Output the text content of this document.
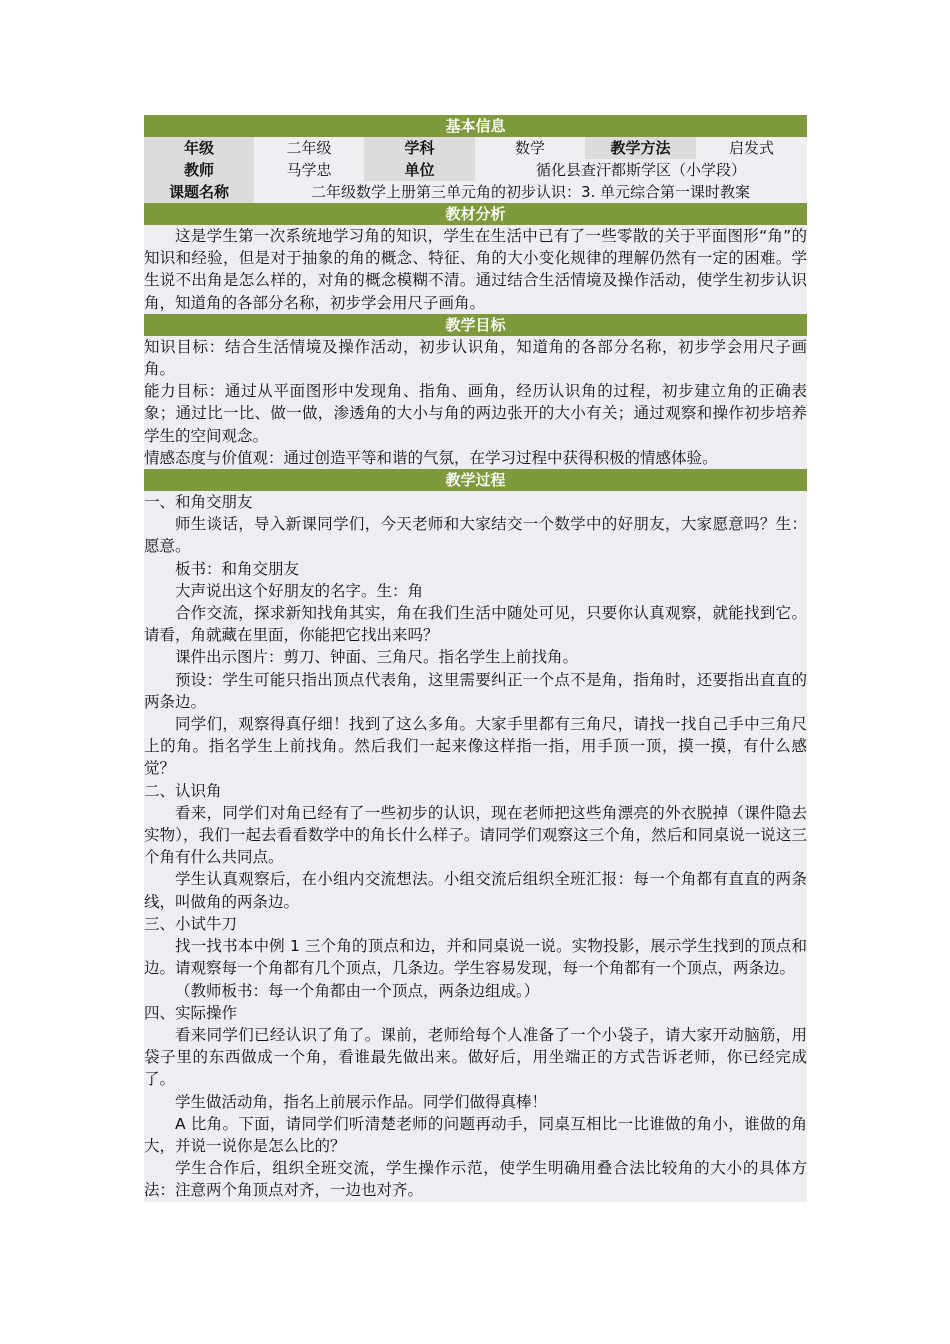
基本信息
年级	二年级	学科	数学	教学方法	启发式
教师	马学忠	单位	循化县查汗都斯学区（小学段）		
课题名称	二年级数学上册第三单元角的初步认识：3. 单元综合第一课时教案				
教材分析

这是学生第一次系统地学习角的知识，学生在生活中已有了一些零散的关于平面图形“角”的知识和经验，但是对于抽象的角的概念、特征、角的大小变化规律的理解仍然有一定的困难。学生说不出角是怎么样的，对角的概念模糊不清。通过结合生活情境及操作活动，使学生初步认识角，知道角的各部分名称，初步学会用尺子画角。

教学目标

知识目标：结合生活情境及操作活动，初步认识角，知道角的各部分名称，初步学会用尺子画角。

能力目标：通过从平面图形中发现角、指角、画角，经历认识角的过程，初步建立角的正确表象；通过比一比、做一做，渗透角的大小与角的两边张开的大小有关；通过观察和操作初步培养学生的空间观念。

情感态度与价值观：通过创造平等和谐的气氛，在学习过程中获得积极的情感体验。

教学过程

一、和角交朋友

师生谈话，导入新课同学们，今天老师和大家结交一个数学中的好朋友，大家愿意吗？生：愿意。

板书：和角交朋友

大声说出这个好朋友的名字。生：角

合作交流，探求新知找角其实，角在我们生活中随处可见，只要你认真观察，就能找到它。请看，角就藏在里面，你能把它找出来吗？

课件出示图片：剪刀、钟面、三角尺。指名学生上前找角。

预设：学生可能只指出顶点代表角，这里需要纠正一个点不是角，指角时，还要指出直直的两条边。

同学们，观察得真仔细！找到了这么多角。大家手里都有三角尺，请找一找自己手中三角尺上的角。指名学生上前找角。然后我们一起来像这样指一指，用手顶一顶，摸一摸，有什么感觉？

二、认识角

看来，同学们对角已经有了一些初步的认识，现在老师把这些角漂亮的外衣脱掉（课件隐去实物），我们一起去看看数学中的角长什么样子。请同学们观察这三个角，然后和同桌说一说这三个角有什么共同点。

学生认真观察后，在小组内交流想法。小组交流后组织全班汇报：每一个角都有直直的两条线，叫做角的两条边。

三、小试牛刀

找一找书本中例 1 三个角的顶点和边，并和同桌说一说。实物投影，展示学生找到的顶点和边。请观察每一个角都有几个顶点，几条边。学生容易发现，每一个角都有一个顶点，两条边。

（教师板书：每一个角都由一个顶点，两条边组成。）

四、实际操作

看来同学们已经认识了角了。课前，老师给每个人准备了一个小袋子，请大家开动脑筋，用袋子里的东西做成一个角，看谁最先做出来。做好后，用坐端正的方式告诉老师，你已经完成了。

学生做活动角，指名上前展示作品。同学们做得真棒！

A 比角。下面，请同学们听清楚老师的问题再动手，同桌互相比一比谁做的角小，谁做的角大，并说一说你是怎么比的？

学生合作后，组织全班交流，学生操作示范，使学生明确用叠合法比较角的大小的具体方法：注意两个角顶点对齐，一边也对齐。
